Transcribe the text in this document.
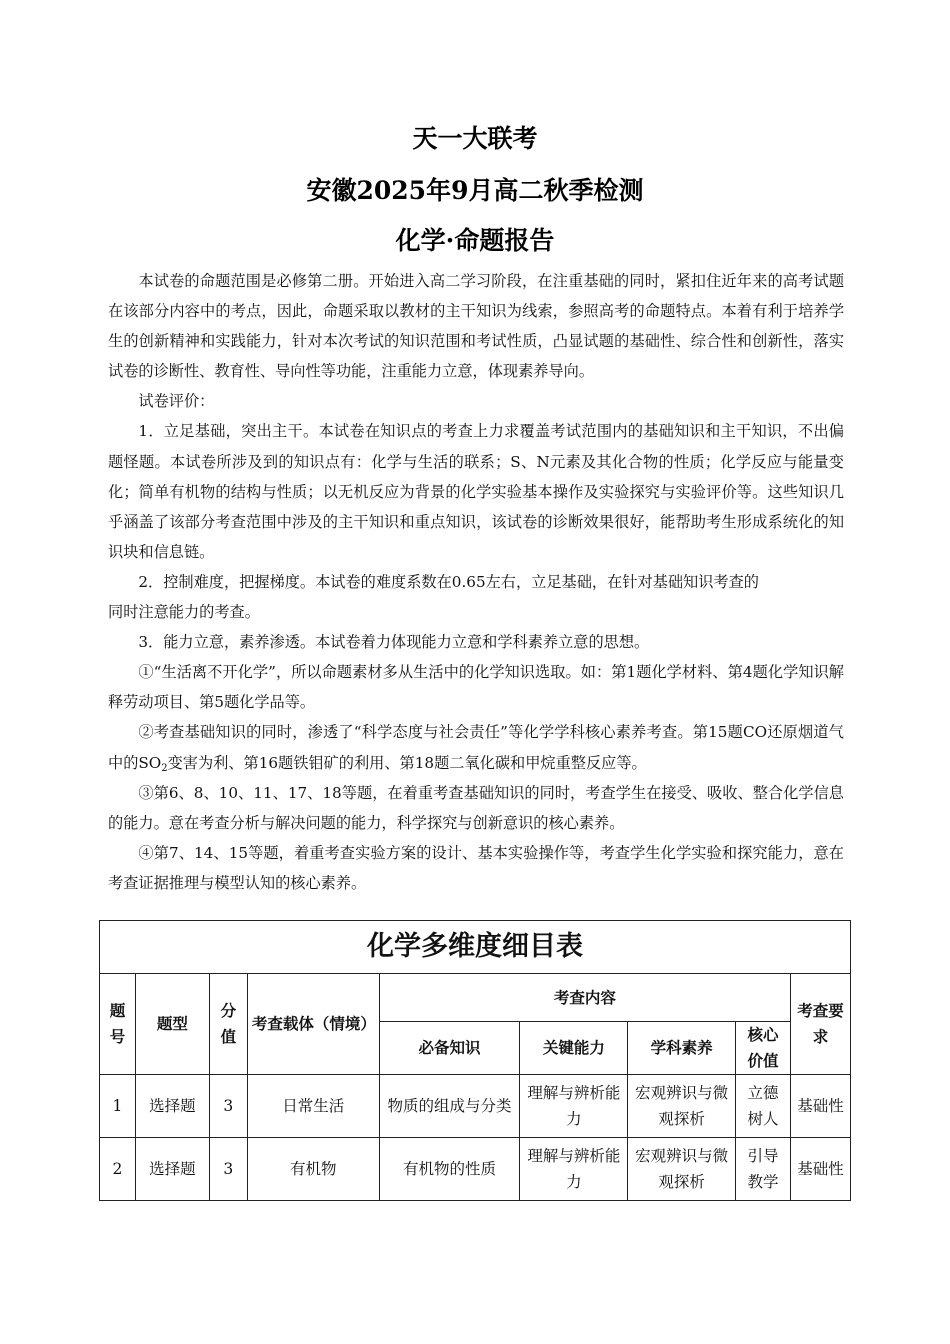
天一大联考
安徽2025年9月高二秋季检测
化学·命题报告

本试卷的命题范围是必修第二册。开始进入高二学习阶段，在注重基础的同时，紧扣住近年来的高考试题在该部分内容中的考点，因此，命题采取以教材的主干知识为线索，参照高考的命题特点。本着有利于培养学生的创新精神和实践能力，针对本次考试的知识范围和考试性质，凸显试题的基础性、综合性和创新性，落实试卷的诊断性、教育性、导向性等功能，注重能力立意，体现素养导向。

试卷评价：

1．立足基础，突出主干。本试卷在知识点的考查上力求覆盖考试范围内的基础知识和主干知识，不出偏题怪题。本试卷所涉及到的知识点有：化学与生活的联系；S、N元素及其化合物的性质；化学反应与能量变化；简单有机物的结构与性质；以无机反应为背景的化学实验基本操作及实验探究与实验评价等。这些知识几乎涵盖了该部分考查范围中涉及的主干知识和重点知识，该试卷的诊断效果很好，能帮助考生形成系统化的知识块和信息链。

2．控制难度，把握梯度。本试卷的难度系数在0.65左右，立足基础，在针对基础知识考查的

同时注意能力的考查。

3．能力立意，素养渗透。本试卷着力体现能力立意和学科素养立意的思想。

①“生活离不开化学”，所以命题素材多从生活中的化学知识选取。如：第1题化学材料、第4题化学知识解释劳动项目、第5题化学品等。

②考查基础知识的同时，渗透了“科学态度与社会责任”等化学学科核心素养考查。第15题CO还原烟道气中的$SO_2$变害为利、第16题铁钼矿的利用、第18题二氧化碳和甲烷重整反应等。

③第6、8、10、11、17、18等题，在着重考查基础知识的同时，考查学生在接受、吸收、整合化学信息的能力。意在考查分析与解决问题的能力，科学探究与创新意识的核心素养。

④第7、14、15等题，着重考查实验方案的设计、基本实验操作等，考查学生化学实验和探究能力，意在考查证据推理与模型认知的核心素养。

化学多维度细目表								
题号	题型	分值	考查载体（情境）	考查内容				考查要求
				必备知识	关键能力	学科素养	核心价值	
1	选择题	3	日常生活	物质的组成与分类	理解与辨析能力	宏观辨识与微观探析	立德树人	基础性
2	选择题	3	有机物	有机物的性质	理解与辨析能力	宏观辨识与微观探析	引导教学	基础性
